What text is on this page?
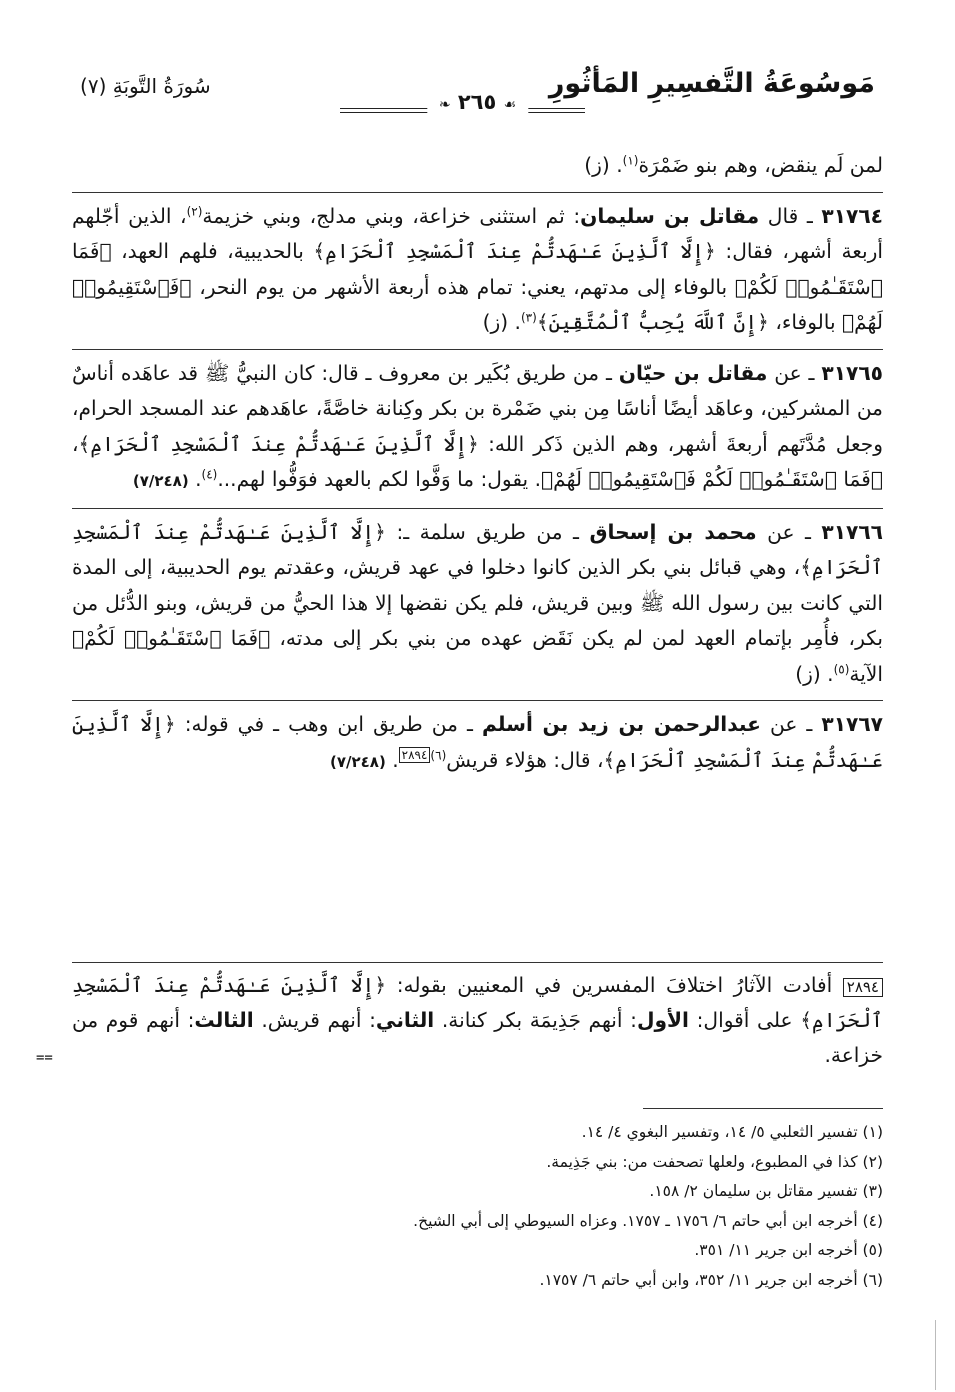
مَوسُوعَةُ التَّفسِيرِ المَأثُورِ
❧ ٢٦٥ ☙
سُورَةُ التَّوبَةِ (٧)

لمن لَم ينقض، وهم بنو ضَمْرَة$^{(١)}$. (ز)

٣١٧٦٤ ـ قال مقاتل بن سليمان: ثم استثنى خزاعة، وبني مدلج، وبني خزيمة$^{(٢)}$، الذين أجّلهم أربعة أشهر، فقال: ﴿إِلَّا ٱلَّذِينَ عَـٰهَدتُّمْ عِندَ ٱلْمَسْجِدِ ٱلْحَرَامِ﴾ بالحديبية، فلهم العهد، ﴿فَمَا ٱسْتَقَـٰمُوا۟ لَكُمْ﴾ بالوفاء إلى مدتهم، يعني: تمام هذه أربعة الأشهر من يوم النحر، ﴿فَٱسْتَقِيمُوا۟ لَهُمْ﴾ بالوفاء، ﴿إِنَّ ٱللَّهَ يُحِبُّ ٱلْمُتَّقِينَ﴾$^{(٣)}$. (ز)

٣١٧٦٥ ـ عن مقاتل بن حيّان ـ من طريق بُكَير بن معروف ـ قال: كان النبيُّ ﷺ قد عاهَده أناسٌ من المشركين، وعاهَد أيضًا أناسًا مِن بني ضَمْرة بن بكر وكِنانة خاصَّةً، عاهَدهم عند المسجد الحرام، وجعل مُدَّتَهم أربعةَ أشهر، وهم الذين ذَكر الله: ﴿إِلَّا ٱلَّذِينَ عَـٰهَدتُّمْ عِندَ ٱلْمَسْجِدِ ٱلْحَرَامِ﴾، ﴿فَمَا ٱسْتَقَـٰمُوا۟ لَكُمْ فَٱسْتَقِيمُوا۟ لَهُمْ﴾. يقول: ما وَفَّوا لكم بالعهد فوَفُّوا لهم...$^{(٤)}$. (٧/٢٤٨)

٣١٧٦٦ ـ عن محمد بن إسحاق ـ من طريق سلمة ـ: ﴿إِلَّا ٱلَّذِينَ عَـٰهَدتُّمْ عِندَ ٱلْمَسْجِدِ ٱلْحَرَامِ﴾، وهي قبائل بني بكر الذين كانوا دخلوا في عهد قريش، وعقدتم يوم الحديبية، إلى المدة التي كانت بين رسول الله ﷺ وبين قريش، فلم يكن نقضها إلا هذا الحيُّ من قريش، وبنو الدُّئل من بكر، فأُمِر بإتمام العهد لمن لم يكن نَقَض عهده من بني بكر إلى مدته، ﴿فَمَا ٱسْتَقَـٰمُوا۟ لَكُمْ﴾ الآية$^{(٥)}$. (ز)

٣١٧٦٧ ـ عن عبدالرحمن بن زيد بن أسلم ـ من طريق ابن وهب ـ في قوله: ﴿إِلَّا ٱلَّذِينَ عَـٰهَدتُّمْ عِندَ ٱلْمَسْجِدِ ٱلْحَرَامِ﴾، قال: هؤلاء قريش$^{(٦)}$٢٨٩٤. (٧/٢٤٨)

٢٨٩٤ أفادت الآثارُ اختلافَ المفسرين في المعنيين بقوله: ﴿إِلَّا ٱلَّذِينَ عَـٰهَدتُّمْ عِندَ ٱلْمَسْجِدِ ٱلْحَرَامِ﴾ على أقوال: الأول: أنهم جَذِيمَة بكر كنانة. الثاني: أنهم قريش. الثالث: أنهم قوم من خزاعة.
==
(١) تفسير الثعلبي ٥/ ١٤، وتفسير البغوي ٤/ ١٤.
(٢) كذا في المطبوع، ولعلها تصحفت من: بني جَذِيمة.
(٣) تفسير مقاتل بن سليمان ٢/ ١٥٨.
(٤) أخرجه ابن أبي حاتم ٦/ ١٧٥٦ ـ ١٧٥٧. وعزاه السيوطي إلى أبي الشيخ.
(٥) أخرجه ابن جرير ١١/ ٣٥١.
(٦) أخرجه ابن جرير ١١/ ٣٥٢، وابن أبي حاتم ٦/ ١٧٥٧.
